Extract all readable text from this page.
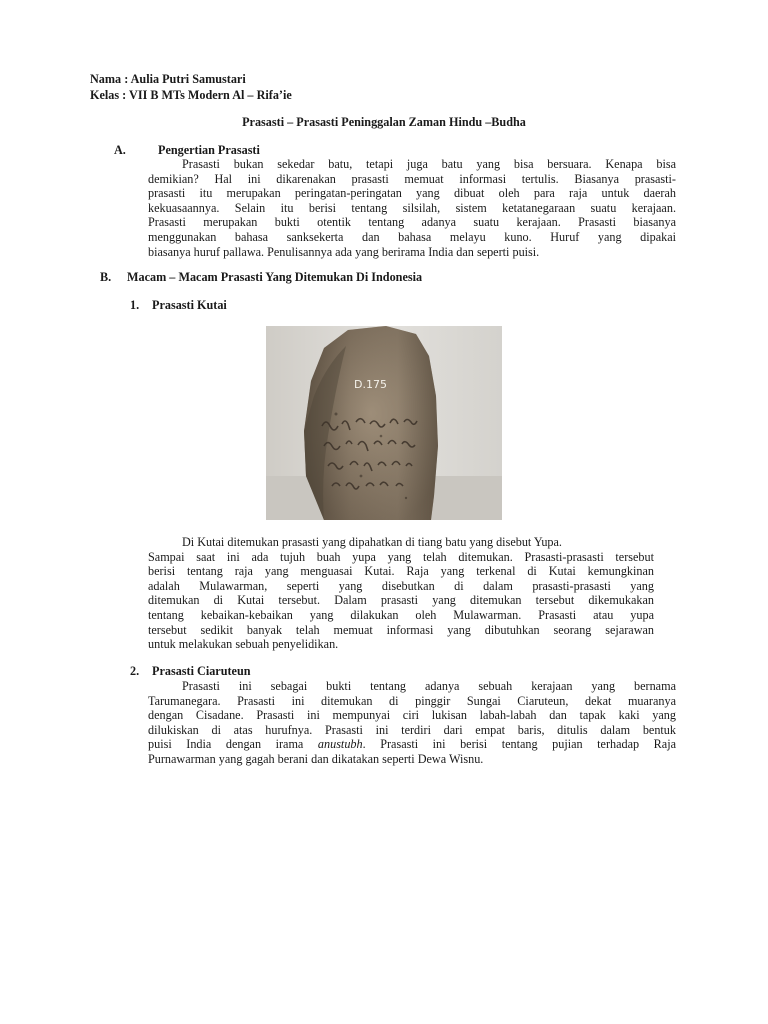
Nama : Aulia Putri Samustari
Kelas : VII B MTs Modern Al – Rifa’ie
Prasasti – Prasasti Peninggalan Zaman Hindu –Budha
A.	Pengertian Prasasti
Prasasti bukan sekedar batu, tetapi juga batu yang bisa bersuara. Kenapa bisa
demikian? Hal ini dikarenakan prasasti memuat informasi tertulis. Biasanya prasasti-
prasasti itu merupakan peringatan-peringatan yang dibuat oleh para raja untuk daerah
kekuasaannya. Selain itu berisi tentang silsilah, sistem ketatanegaraan suatu kerajaan.
Prasasti merupakan bukti otentik tentang adanya suatu kerajaan. Prasasti biasanya
menggunakan bahasa sanksekerta dan bahasa melayu kuno. Huruf yang dipakai
biasanya huruf pallawa. Penulisannya ada yang berirama India dan seperti puisi.
B. Macam – Macam Prasasti Yang Ditemukan Di Indonesia
1. Prasasti Kutai
D.175
Di Kutai ditemukan prasasti yang dipahatkan di tiang batu yang disebut Yupa.
Sampai saat ini ada tujuh buah yupa yang telah ditemukan. Prasasti-prasasti tersebut
berisi tentang raja yang menguasai Kutai. Raja yang terkenal di Kutai kemungkinan
adalah Mulawarman, seperti yang disebutkan di dalam prasasti-prasasti yang
ditemukan di Kutai tersebut. Dalam prasasti yang ditemukan tersebut dikemukakan
tentang kebaikan-kebaikan yang dilakukan oleh Mulawarman. Prasasti atau yupa
tersebut sedikit banyak telah memuat informasi yang dibutuhkan seorang sejarawan
untuk melakukan sebuah penyelidikan.
2. Prasasti Ciaruteun
Prasasti ini sebagai bukti tentang adanya sebuah kerajaan yang bernama
Tarumanegara. Prasasti ini ditemukan di pinggir Sungai Ciaruteun, dekat muaranya
dengan Cisadane. Prasasti ini mempunyai ciri lukisan labah-labah dan tapak kaki yang
dilukiskan di atas hurufnya. Prasasti ini terdiri dari empat baris, ditulis dalam bentuk
puisi India dengan irama anustubh. Prasasti ini berisi tentang pujian terhadap Raja
Purnawarman yang gagah berani dan dikatakan seperti Dewa Wisnu.
